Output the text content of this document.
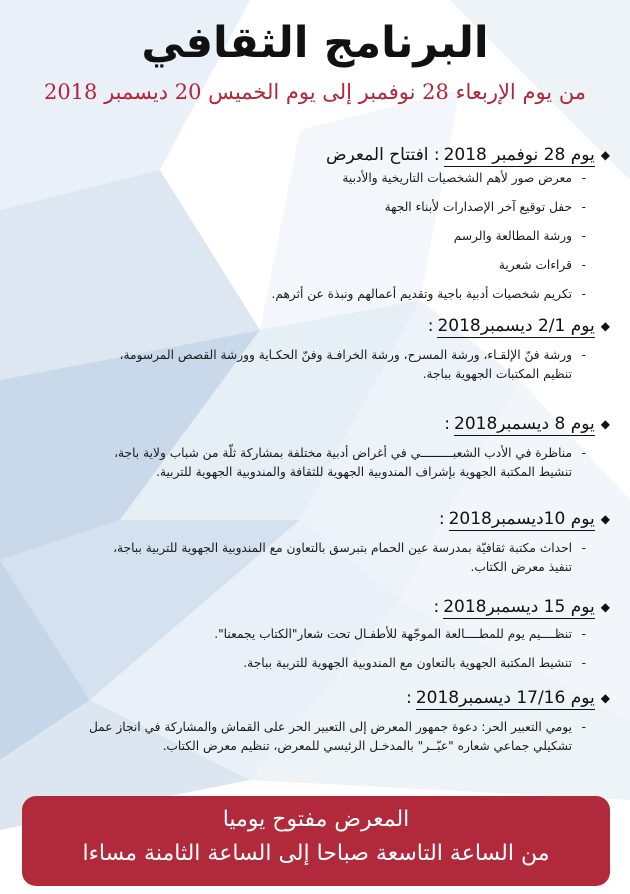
البرنامج الثقافي
من يوم الإربعاء 28 نوفمبر إلى يوم الخميس 20 ديسمبر 2018
◆يوم 28 نوفمبر 2018: افتتاح المعرض
- معرض صور لأهم الشخصيات التاريخية والأدبية
- حفل توقيع آخر الإصدارات لأبناء الجهة
- ورشة المطالعة والرسم
- قراءات شعرية
- تكريم شخصيات أدبية باجية وتقديم أعمالهم ونبذة عن أثرهم.
◆يوم 2/1 ديسمبر2018:
- ورشة فنّ الإلقـاء، ورشة المسرح، ورشة الخرافـة وفنّ الحكـاية وورشة القصص المرسومة،
تنظيم المكتبات الجهوية بباجة.
◆يوم 8 ديسمبر2018:
- مناظرة في الأدب الشعبـــــــــي في أغراض أدبية مختلفة بمشاركة ثلّة من شباب ولاية باجة،
تنشيط المكتبة الجهوية بإشراف المندوبية الجهوية للثقافة والمندوبية الجهوية للتربية.
◆يوم 10ديسمبر2018:
- احداث مكتبة ثقافيّة بمدرسة عين الحمام بتبرسق بالتعاون مع المندوبية الجهوية للتربية بباجة،
تنفيذ معرض الكتاب.
◆يوم 15 ديسمبر2018:
- تنظــــيم يوم للمطــــالعة الموجّهة للأطفـال تحت شعار"الكتاب يجمعنا".
- تنشيط المكتبة الجهوية بالتعاون مع المندوبية الجهوية للتربية بباجة.
◆يوم 17/16 ديسمبر2018:
- يومي التعبير الحر: دعوة جمهور المعرض إلى التعبير الحر على القماش والمشاركة في انجاز عمل
تشكيلي جماعي شعاره "عبّــر" بالمدخـل الرئيسي للمعرض، تنظيم معرض الكتاب.
المعرض مفتوح يوميا
من الساعة التاسعة صباحا إلى الساعة الثامنة مساءا
